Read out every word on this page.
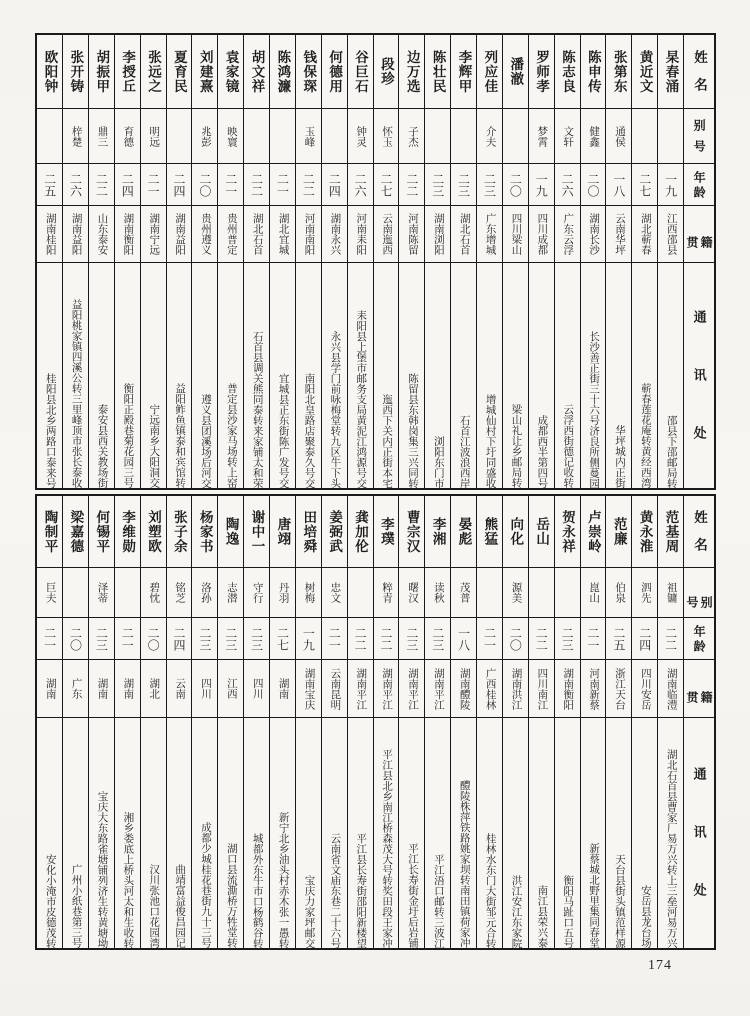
姓名
别号
年龄
籍贯
通讯处
杲春涌
一九
江西邵县
邵县下邵邮局转
黄近文
二七
湖北蕲春
蕲春莲花庵转黄经西湾
张第东
通侯
一八
云南华坪
华坪城内正街
陈申传
健鑫
二〇
湖南长沙
长沙善正街三十六号济良所侧蔓园
陈志良
文轩
二六
广东云浮
云浮西街德记收转
罗师孝
梦霄
一九
四川成都
成都西半第四号
潘澈
二〇
四川梁山
梁山礼让乡邮局转
列应佳
介夫
二三
广东增城
增城仙村下圩同盛收
李辉甲
二三
湖北石首
石首江波浪西岸
陈壮民
二三
湖南浏阳
浏阳东门市
边万选
子杰
二二
河南陈留
陈留县东韩岗集三兴同转
段珍
怀玉
二七
云南迤西
迤西下关内正街本宅
谷巨石
钟灵
二六
河南耒阳
耒阳县上堡市邮务支局黄泥江鸿源号交
何德用
二四
湖南永兴
永兴县学门前咏梅堂转九区牛下头
钱保琛
玉峰
二二
河南南阳
南阳北皇路店聚泰久号交
陈鸿濂
二一
湖北宜城
宜城县正东街陈广发号交
胡文祥
二二
湖北石首
石首县调关熊同泰转来家铺太和荣
袁家镜
映寰
二一
贵州普定
普定县沙家马场转上窑
刘建熹
兆彭
二〇
贵州遵义
遵义县团溪场后河交
夏育民
二四
湖南益阳
益阳鲊鱼镇泰和宾馆转
张远之
明远
二一
湖南宁远
宁远南乡大阳洞交
李授丘
育德
二四
湖南衡阳
衡阳正殿巷菊花园三号
胡振甲
鼎三
二二
山东泰安
泰安县西关教场街
张开铸
梓楚
二六
湖南益阳
益阳桃家镇四溪公转三里峰顶市张长泰收
欧阳钟
二五
湖南桂阳
桂阳县北乡两路口泰来号
姓名
别号
年龄
籍贯
通讯处
范基周
祖镛
二二
湖南临澧
湖北石首县曹家厂易万兴转上三垒河易万兴
黄永淮
泗先
二四
四川安岳
安岳县龙台场
范廉
伯泉
二五
浙江天台
天台县街头镇范样源
卢崇岭
崑山
二一
河南新蔡
新蔡城北野里集同春堂
贺永祥
二三
湖南衡阳
衡阳马趾口五号
岳山
二二
四川南江
南江县荣兴泰
向化
源美
二〇
湖南洪江
洪江安江东家院
熊猛
二一
广西桂林
桂林水东门大街邹元合转
晏彪
茂普
一八
湖南醴陵
醴陵株萍铁路姚家坝转南田镇荷家冲
李湘
读秋
二三
湖南平江
平江浯口邮转三波江
曹宗汉
曙汉
二三
湖南平江
平江长寿街金圩后岩铺
李璞
粹青
二二
湖南平江
平江县北乡南江桥森茂大号转奖田段王家冲
龚加伦
二二
湖南平江
平江县长寿街邵阳新楼望
姜弼武
忠文
二一
云南昆明
云南省文庙东巷二十六号
田培舜
树梅
一九
湖南宝庆
宝庆力家坪邮交
唐翊
丹羽
二七
湖南
新宁北乡油头村赤木张一愚转
谢中一
守行
二三
四川
城都外东牛市口杨鹤谷转
陶逸
志潜
二三
江西
湖口县流澌桥万牲堂转
杨家书
洛孙
二三
四川
成都少城桂花巷街九十三号
张子余
铭芝
二四
云南
曲靖富益俊昌园记
刘塑欧
碧忱
二〇
湖北
汉川张池口花园湾
李维勋
二一
湖南
湘乡娄底上桥头河太和生收转
何锡平
泽蒂
二三
湖南
宝庆大东路雀塘铺列济生转黄塘坳
梁嘉德
二〇
广东
广州小纸巷第三号
陶制平
巨夫
二一
湖南
安化小淹市皮德茂转
174
